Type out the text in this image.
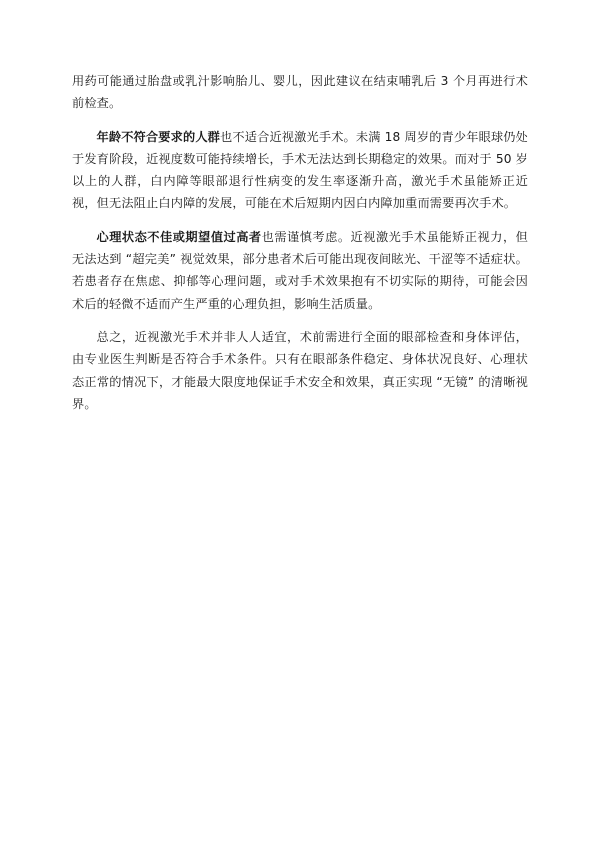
用药可能通过胎盘或乳汁影响胎儿、婴儿，因此建议在结束哺乳后 3 个月再进行术前检查。

年龄不符合要求的人群也不适合近视激光手术。未满 18 周岁的青少年眼球仍处于发育阶段，近视度数可能持续增长，手术无法达到长期稳定的效果。而对于 50 岁以上的人群，白内障等眼部退行性病变的发生率逐渐升高，激光手术虽能矫正近视，但无法阻止白内障的发展，可能在术后短期内因白内障加重而需要再次手术。

心理状态不佳或期望值过高者也需谨慎考虑。近视激光手术虽能矫正视力，但无法达到 “超完美” 视觉效果，部分患者术后可能出现夜间眩光、干涩等不适症状。若患者存在焦虑、抑郁等心理问题，或对手术效果抱有不切实际的期待，可能会因术后的轻微不适而产生严重的心理负担，影响生活质量。

总之，近视激光手术并非人人适宜，术前需进行全面的眼部检查和身体评估，由专业医生判断是否符合手术条件。只有在眼部条件稳定、身体状况良好、心理状态正常的情况下，才能最大限度地保证手术安全和效果，真正实现 “无镜” 的清晰视界。
